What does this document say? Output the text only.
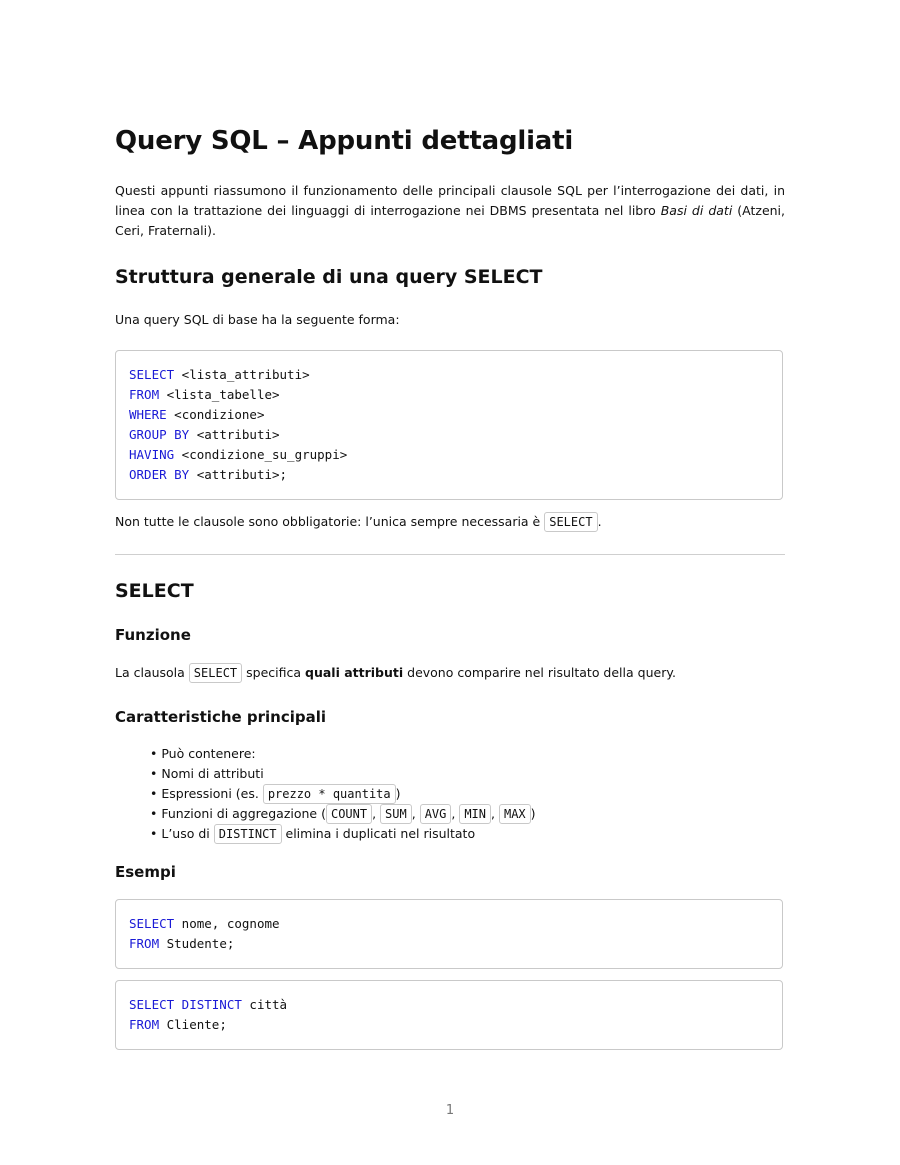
Query SQL – Appunti dettagliati

Questi appunti riassumono il funzionamento delle principali clausole SQL per l’interrogazione dei dati, in linea con la trattazione dei linguaggi di interrogazione nei DBMS presentata nel libro Basi di dati (Atzeni, Ceri, Fraternali).

Struttura generale di una query SELECT

Una query SQL di base ha la seguente forma:

SELECT <lista_attributi>
FROM <lista_tabelle>
WHERE <condizione>
GROUP BY <attributi>
HAVING <condizione_su_gruppi>
ORDER BY <attributi>;

Non tutte le clausole sono obbligatorie: l’unica sempre necessaria è SELECT .

SELECT
Funzione

La clausola SELECT specifica quali attributi devono comparire nel risultato della query.

Caratteristiche principali
• Può contenere:
• Nomi di attributi
• Espressioni (es. prezzo * quantita )
• Funzioni di aggregazione ( COUNT , SUM , AVG , MIN , MAX )
• L’uso di DISTINCT elimina i duplicati nel risultato
Esempi
SELECT nome, cognome
FROM Studente;
SELECT DISTINCT città
FROM Cliente;
1
